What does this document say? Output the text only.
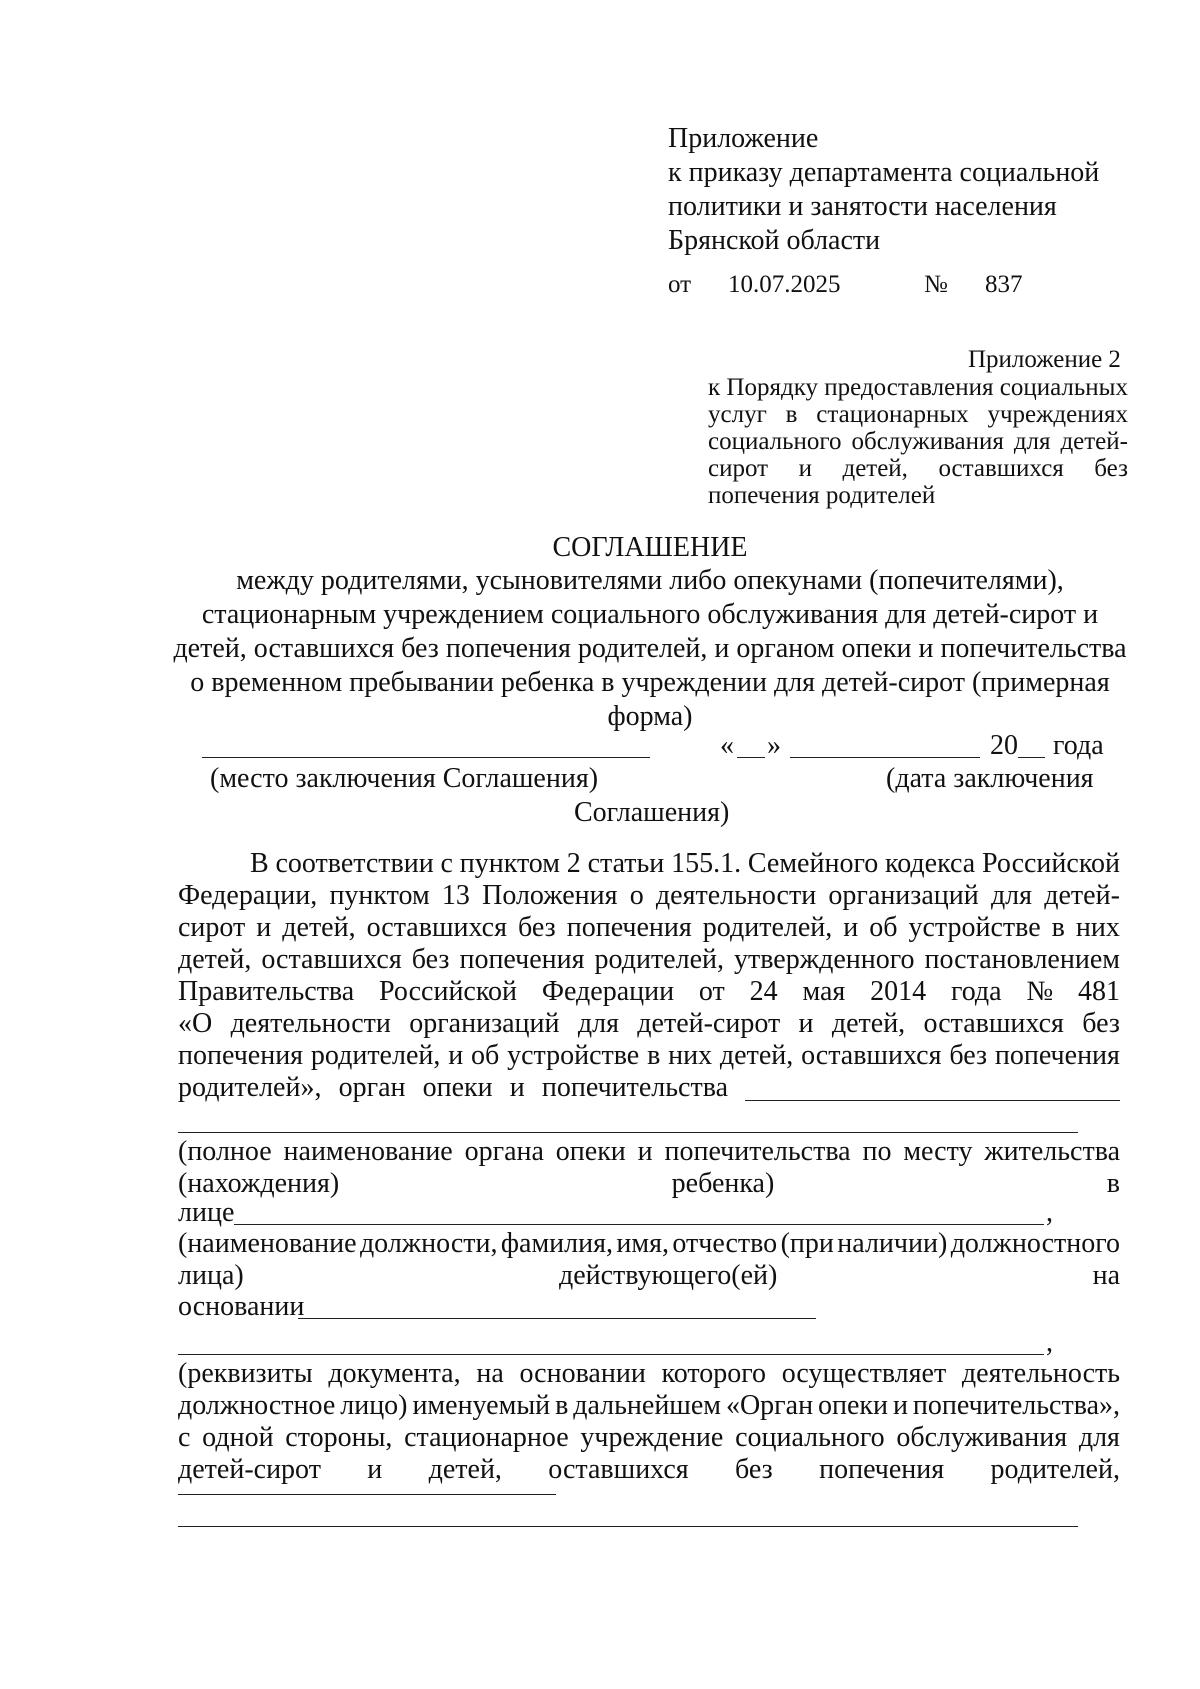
Приложение
к приказу департамента социальной
политики и занятости населения
Брянской области
от 10.07.2025	№ 837
Приложение 2
к Порядку предоставления социальных
услуг в стационарных учреждениях
социального обслуживания для детей-
сирот и детей, оставшихся без
попечения родителей
СОГЛАШЕНИЕ
между родителями, усыновителями либо опекунами (попечителями),
стационарным учреждением социального обслуживания для детей-сирот и
детей, оставшихся без попечения родителей, и органом опеки и попечительства
о временном пребывании ребенка в учреждении для детей-сирот (примерная
форма)
« »	20 года
(место заключения Соглашения)	(дата заключения
Соглашения)
В соответствии с пунктом 2 статьи 155.1. Семейного кодекса Российской
Федерации, пунктом 13 Положения о деятельности организаций для детей-
сирот и детей, оставшихся без попечения родителей, и об устройстве в них
детей, оставшихся без попечения родителей, утвержденного постановлением
Правительства Российской Федерации от 24 мая 2014 года № 481
«О деятельности организаций для детей-сирот и детей, оставшихся без
попечения родителей, и об устройстве в них детей, оставшихся без попечения
родителей», орган опеки и попечительства
(полное наименование органа опеки и попечительства по месту жительства
(нахождения)	ребенка)	в
лице	,
(наименование должности, фамилия, имя, отчество (при наличии) должностного
лица)	действующего(ей)	на
основании
,
(реквизиты документа, на основании которого осуществляет деятельность
должностное лицо) именуемый в дальнейшем «Орган опеки и попечительства»,
с одной стороны, стационарное учреждение социального обслуживания для
детей-сирот и детей, оставшихся без попечения родителей,
